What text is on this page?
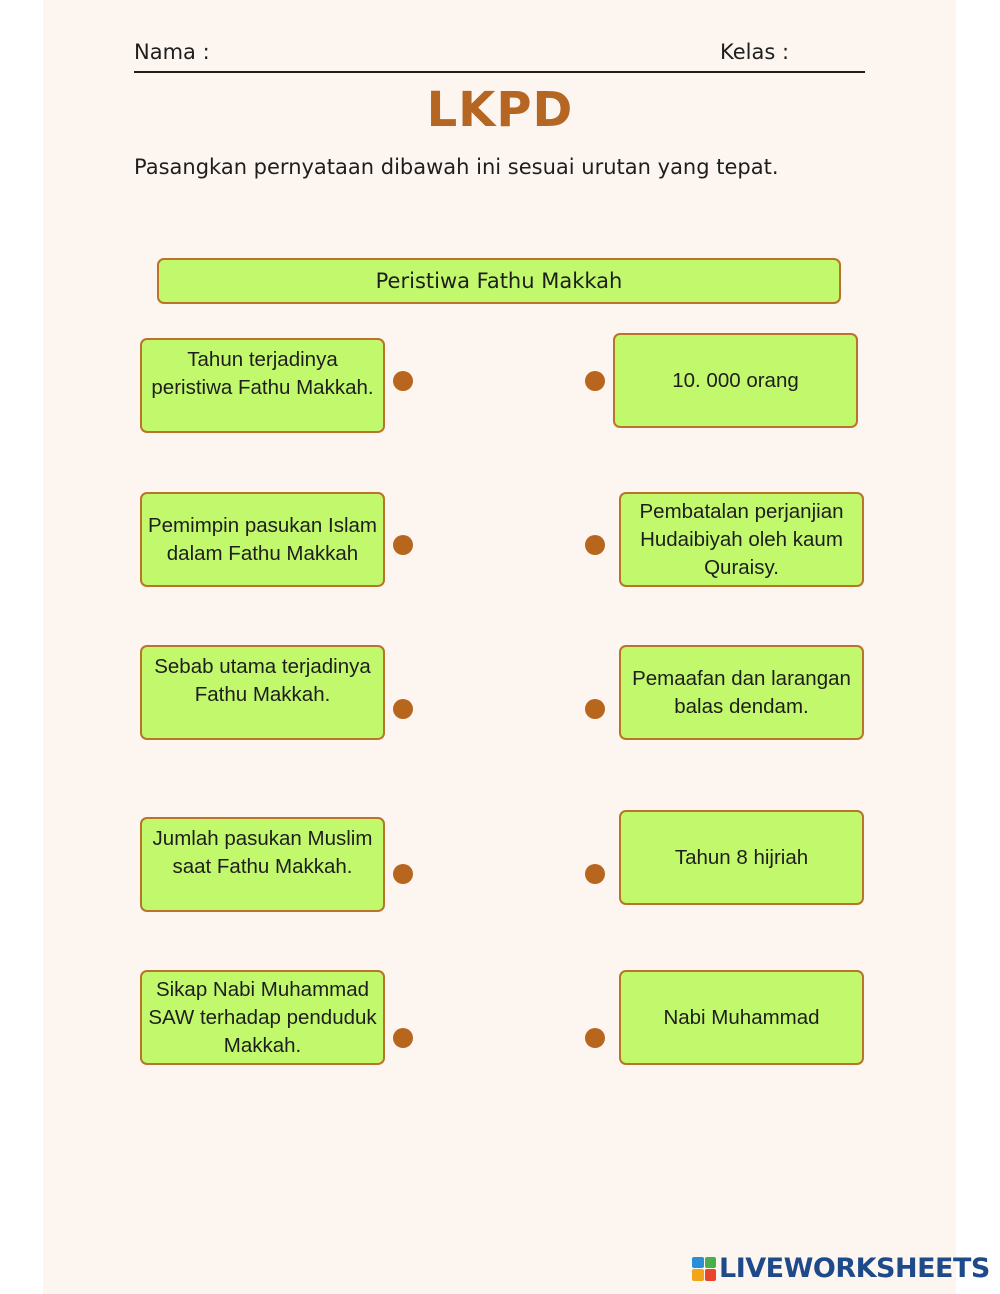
Nama :	Kelas :
LKPD
Pasangkan pernyataan dibawah ini sesuai urutan yang tepat.
Peristiwa Fathu Makkah
Tahun terjadinya peristiwa Fathu Makkah.
Pemimpin pasukan Islam dalam Fathu Makkah
Sebab utama terjadinya Fathu Makkah.
Jumlah pasukan Muslim saat Fathu Makkah.
Sikap Nabi Muhammad SAW terhadap penduduk Makkah.
10. 000 orang
Pembatalan perjanjian Hudaibiyah oleh kaum Quraisy.
Pemaafan dan larangan balas dendam.
Tahun 8 hijriah
Nabi Muhammad
LIVEWORKSHEETS
